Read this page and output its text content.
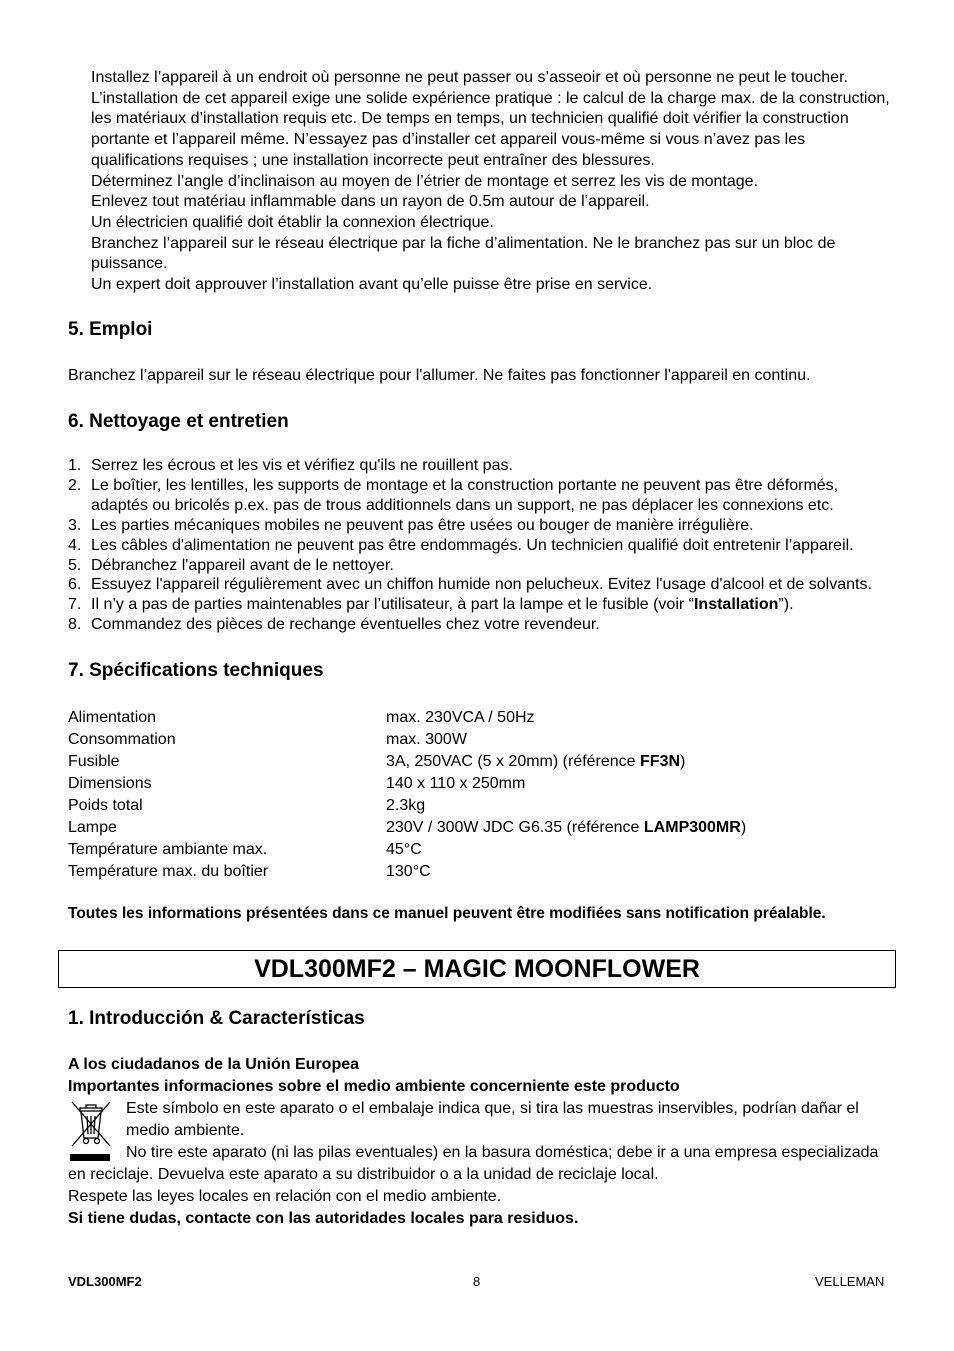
Installez l’appareil à un endroit où personne ne peut passer ou s’asseoir et où personne ne peut le toucher.

L’installation de cet appareil exige une solide expérience pratique : le calcul de la charge max. de la construction, les matériaux d’installation requis etc. De temps en temps, un technicien qualifié doit vérifier la construction portante et l’appareil même. N’essayez pas d’installer cet appareil vous-même si vous n’avez pas les qualifications requises ; une installation incorrecte peut entraîner des blessures.

Déterminez l’angle d’inclinaison au moyen de l’étrier de montage et serrez les vis de montage.

Enlevez tout matériau inflammable dans un rayon de 0.5m autour de l’appareil.

Un électricien qualifié doit établir la connexion électrique.

Branchez l’appareil sur le réseau électrique par la fiche d’alimentation. Ne le branchez pas sur un bloc de puissance.

Un expert doit approuver l’installation avant qu’elle puisse être prise en service.

5. Emploi
Branchez l’appareil sur le réseau électrique pour l'allumer. Ne faites pas fonctionner l'appareil en continu.
6. Nettoyage et entretien
1. Serrez les écrous et les vis et vérifiez qu'ils ne rouillent pas.
2. Le boîtier, les lentilles, les supports de montage et la construction portante ne peuvent pas être déformés, adaptés ou bricolés p.ex. pas de trous additionnels dans un support, ne pas déplacer les connexions etc.
3. Les parties mécaniques mobiles ne peuvent pas être usées ou bouger de manière irrégulière.
4. Les câbles d'alimentation ne peuvent pas être endommagés. Un technicien qualifié doit entretenir l’appareil.
5. Débranchez l'appareil avant de le nettoyer.
6. Essuyez l'appareil régulièrement avec un chiffon humide non pelucheux. Evitez l'usage d'alcool et de solvants.
7. Il n’y a pas de parties maintenables par l’utilisateur, à part la lampe et le fusible (voir “Installation”).
8. Commandez des pièces de rechange éventuelles chez votre revendeur.
7. Spécifications techniques
Alimentation	max. 230VCA / 50Hz
Consommation	max. 300W
Fusible	3A, 250VAC (5 x 20mm) (référence FF3N)
Dimensions	140 x 110 x 250mm
Poids total	2.3kg
Lampe	230V / 300W JDC G6.35 (référence LAMP300MR)
Température ambiante max.	45°C
Température max. du boîtier	130°C
Toutes les informations présentées dans ce manuel peuvent être modifiées sans notification préalable.
VDL300MF2 – MAGIC MOONFLOWER
1. Introducción & Características

A los ciudadanos de la Unión Europea

Importantes informaciones sobre el medio ambiente concerniente este producto

Este símbolo en este aparato o el embalaje indica que, si tira las muestras inservibles, podrían dañar el medio ambiente.

No tire este aparato (ni las pilas eventuales) en la basura doméstica; debe ir a una empresa especializada

en reciclaje. Devuelva este aparato a su distribuidor o a la unidad de reciclaje local.

Respete las leyes locales en relación con el medio ambiente.

Si tiene dudas, contacte con las autoridades locales para residuos.

VDL300MF2	8	VELLEMAN
